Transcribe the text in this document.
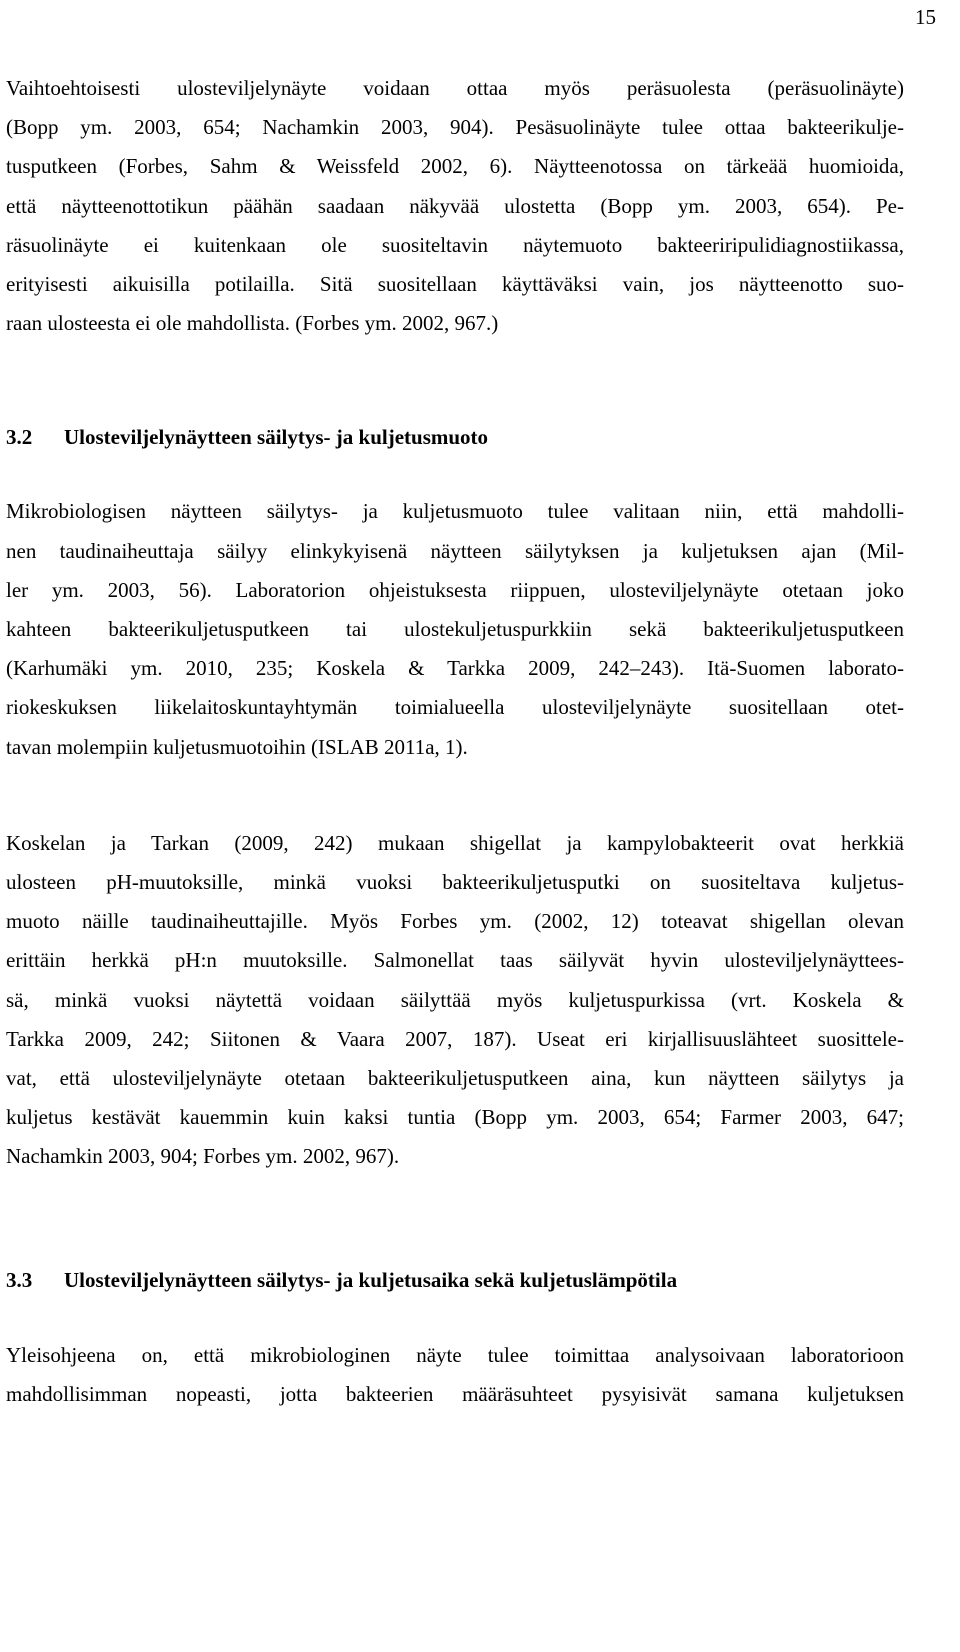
15

Vaihtoehtoisesti ulosteviljelynäyte voidaan ottaa myös peräsuolesta (peräsuolinäyte)
(Bopp ym. 2003, 654; Nachamkin 2003, 904). Pesäsuolinäyte tulee ottaa bakteerikulje-
tusputkeen (Forbes, Sahm & Weissfeld 2002, 6). Näytteenotossa on tärkeää huomioida,
että näytteenottotikun päähän saadaan näkyvää ulostetta (Bopp ym. 2003, 654). Pe-
räsuolinäyte ei kuitenkaan ole suositeltavin näytemuoto bakteeriripulidiagnostiikassa,
erityisesti aikuisilla potilailla. Sitä suositellaan käyttäväksi vain, jos näytteenotto suo-
raan ulosteesta ei ole mahdollista. (Forbes ym. 2002, 967.)

3.2	Ulosteviljelynäytteen säilytys- ja kuljetusmuoto

Mikrobiologisen näytteen säilytys- ja kuljetusmuoto tulee valitaan niin, että mahdolli-
nen taudinaiheuttaja säilyy elinkykyisenä näytteen säilytyksen ja kuljetuksen ajan (Mil-
ler ym. 2003, 56). Laboratorion ohjeistuksesta riippuen, ulosteviljelynäyte otetaan joko
kahteen bakteerikuljetusputkeen tai ulostekuljetuspurkkiin sekä bakteerikuljetusputkeen
(Karhumäki ym. 2010, 235; Koskela & Tarkka 2009, 242–243). Itä-Suomen laborato-
riokeskuksen liikelaitoskuntayhtymän toimialueella ulosteviljelynäyte suositellaan otet-
tavan molempiin kuljetusmuotoihin (ISLAB 2011a, 1).

Koskelan ja Tarkan (2009, 242) mukaan shigellat ja kampylobakteerit ovat herkkiä
ulosteen pH-muutoksille, minkä vuoksi bakteerikuljetusputki on suositeltava kuljetus-
muoto näille taudinaiheuttajille. Myös Forbes ym. (2002, 12) toteavat shigellan olevan
erittäin herkkä pH:n muutoksille. Salmonellat taas säilyvät hyvin ulosteviljelynäyttees-
sä, minkä vuoksi näytettä voidaan säilyttää myös kuljetuspurkissa (vrt. Koskela &
Tarkka 2009, 242; Siitonen & Vaara 2007, 187). Useat eri kirjallisuuslähteet suosittele-
vat, että ulosteviljelynäyte otetaan bakteerikuljetusputkeen aina, kun näytteen säilytys ja
kuljetus kestävät kauemmin kuin kaksi tuntia (Bopp ym. 2003, 654; Farmer 2003, 647;
Nachamkin 2003, 904; Forbes ym. 2002, 967).

3.3	Ulosteviljelynäytteen säilytys- ja kuljetusaika sekä kuljetuslämpötila

Yleisohjeena on, että mikrobiologinen näyte tulee toimittaa analysoivaan laboratorioon
mahdollisimman nopeasti, jotta bakteerien määräsuhteet pysyisivät samana kuljetuksen
